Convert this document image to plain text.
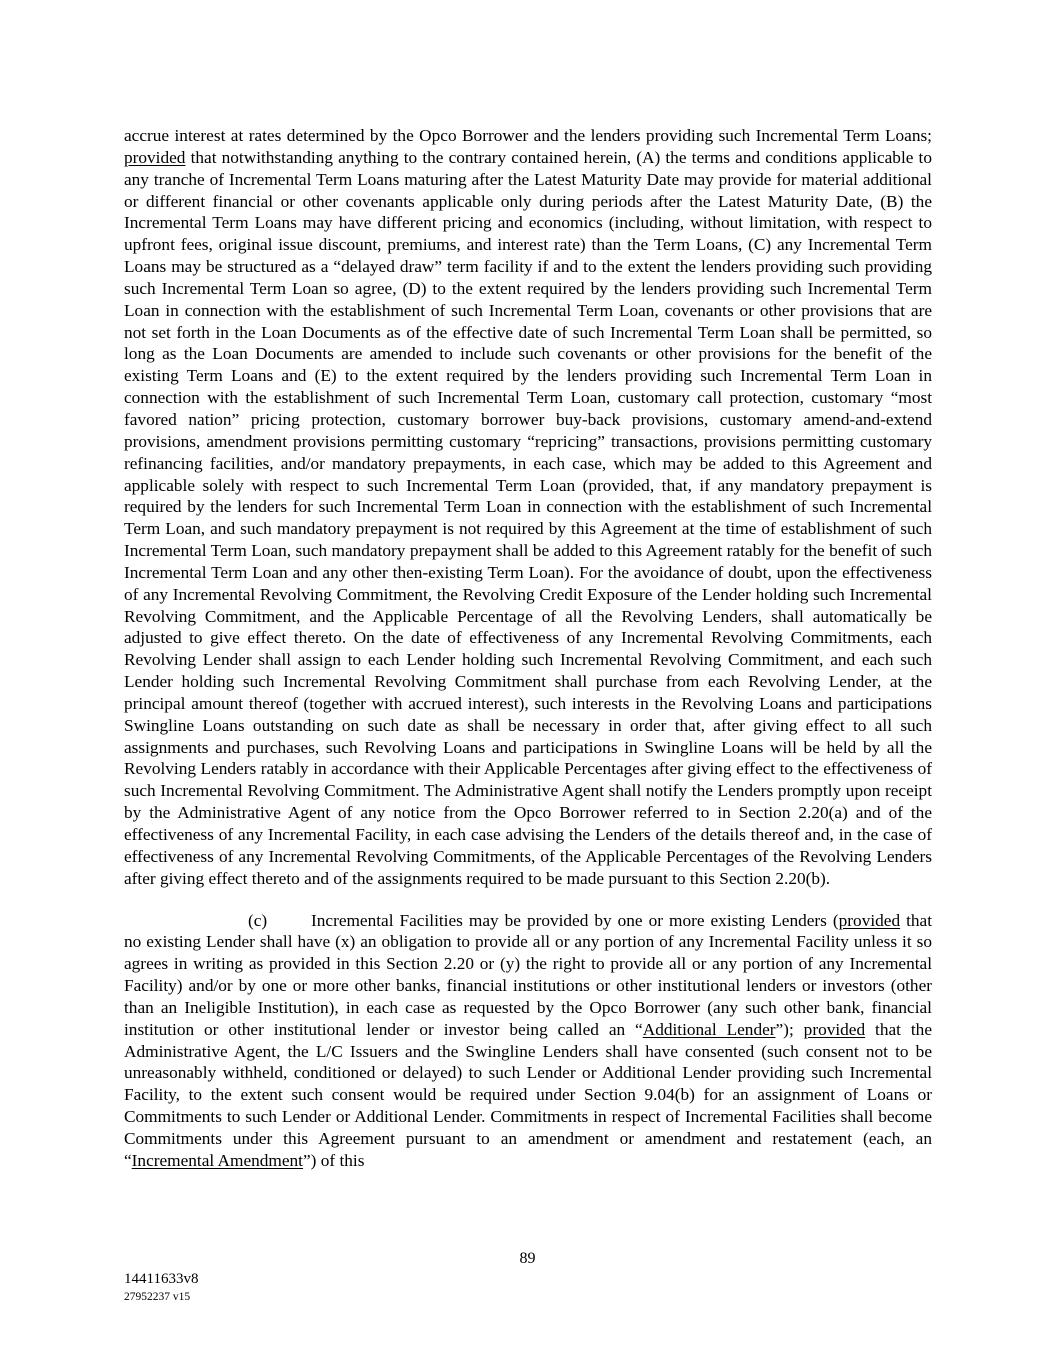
accrue interest at rates determined by the Opco Borrower and the lenders providing such Incremental Term Loans; provided that notwithstanding anything to the contrary contained herein, (A) the terms and conditions applicable to any tranche of Incremental Term Loans maturing after the Latest Maturity Date may provide for material additional or different financial or other covenants applicable only during periods after the Latest Maturity Date, (B) the Incremental Term Loans may have different pricing and economics (including, without limitation, with respect to upfront fees, original issue discount, premiums, and interest rate) than the Term Loans, (C) any Incremental Term Loans may be structured as a “delayed draw” term facility if and to the extent the lenders providing such providing such Incremental Term Loan so agree, (D) to the extent required by the lenders providing such Incremental Term Loan in connection with the establishment of such Incremental Term Loan, covenants or other provisions that are not set forth in the Loan Documents as of the effective date of such Incremental Term Loan shall be permitted, so long as the Loan Documents are amended to include such covenants or other provisions for the benefit of the existing Term Loans and (E) to the extent required by the lenders providing such Incremental Term Loan in connection with the establishment of such Incremental Term Loan, customary call protection, customary “most favored nation” pricing protection, customary borrower buy-back provisions, customary amend-and-extend provisions, amendment provisions permitting customary “repricing” transactions, provisions permitting customary refinancing facilities, and/or mandatory prepayments, in each case, which may be added to this Agreement and applicable solely with respect to such Incremental Term Loan (provided, that, if any mandatory prepayment is required by the lenders for such Incremental Term Loan in connection with the establishment of such Incremental Term Loan, and such mandatory prepayment is not required by this Agreement at the time of establishment of such Incremental Term Loan, such mandatory prepayment shall be added to this Agreement ratably for the benefit of such Incremental Term Loan and any other then-existing Term Loan). For the avoidance of doubt, upon the effectiveness of any Incremental Revolving Commitment, the Revolving Credit Exposure of the Lender holding such Incremental Revolving Commitment, and the Applicable Percentage of all the Revolving Lenders, shall automatically be adjusted to give effect thereto. On the date of effectiveness of any Incremental Revolving Commitments, each Revolving Lender shall assign to each Lender holding such Incremental Revolving Commitment, and each such Lender holding such Incremental Revolving Commitment shall purchase from each Revolving Lender, at the principal amount thereof (together with accrued interest), such interests in the Revolving Loans and participations Swingline Loans outstanding on such date as shall be necessary in order that, after giving effect to all such assignments and purchases, such Revolving Loans and participations in Swingline Loans will be held by all the Revolving Lenders ratably in accordance with their Applicable Percentages after giving effect to the effectiveness of such Incremental Revolving Commitment. The Administrative Agent shall notify the Lenders promptly upon receipt by the Administrative Agent of any notice from the Opco Borrower referred to in Section 2.20(a) and of the effectiveness of any Incremental Facility, in each case advising the Lenders of the details thereof and, in the case of effectiveness of any Incremental Revolving Commitments, of the Applicable Percentages of the Revolving Lenders after giving effect thereto and of the assignments required to be made pursuant to this Section 2.20(b).

(c)	Incremental Facilities may be provided by one or more existing Lenders (provided that no existing Lender shall have (x) an obligation to provide all or any portion of any Incremental Facility unless it so agrees in writing as provided in this Section 2.20 or (y) the right to provide all or any portion of any Incremental Facility) and/or by one or more other banks, financial institutions or other institutional lenders or investors (other than an Ineligible Institution), in each case as requested by the Opco Borrower (any such other bank, financial institution or other institutional lender or investor being called an “Additional Lender”); provided that the Administrative Agent, the L/C Issuers and the Swingline Lenders shall have consented (such consent not to be unreasonably withheld, conditioned or delayed) to such Lender or Additional Lender providing such Incremental Facility, to the extent such consent would be required under Section 9.04(b) for an assignment of Loans or Commitments to such Lender or Additional Lender. Commitments in respect of Incremental Facilities shall become Commitments under this Agreement pursuant to an amendment or amendment and restatement (each, an “Incremental Amendment”) of this

89
14411633v8
27952237 v15
